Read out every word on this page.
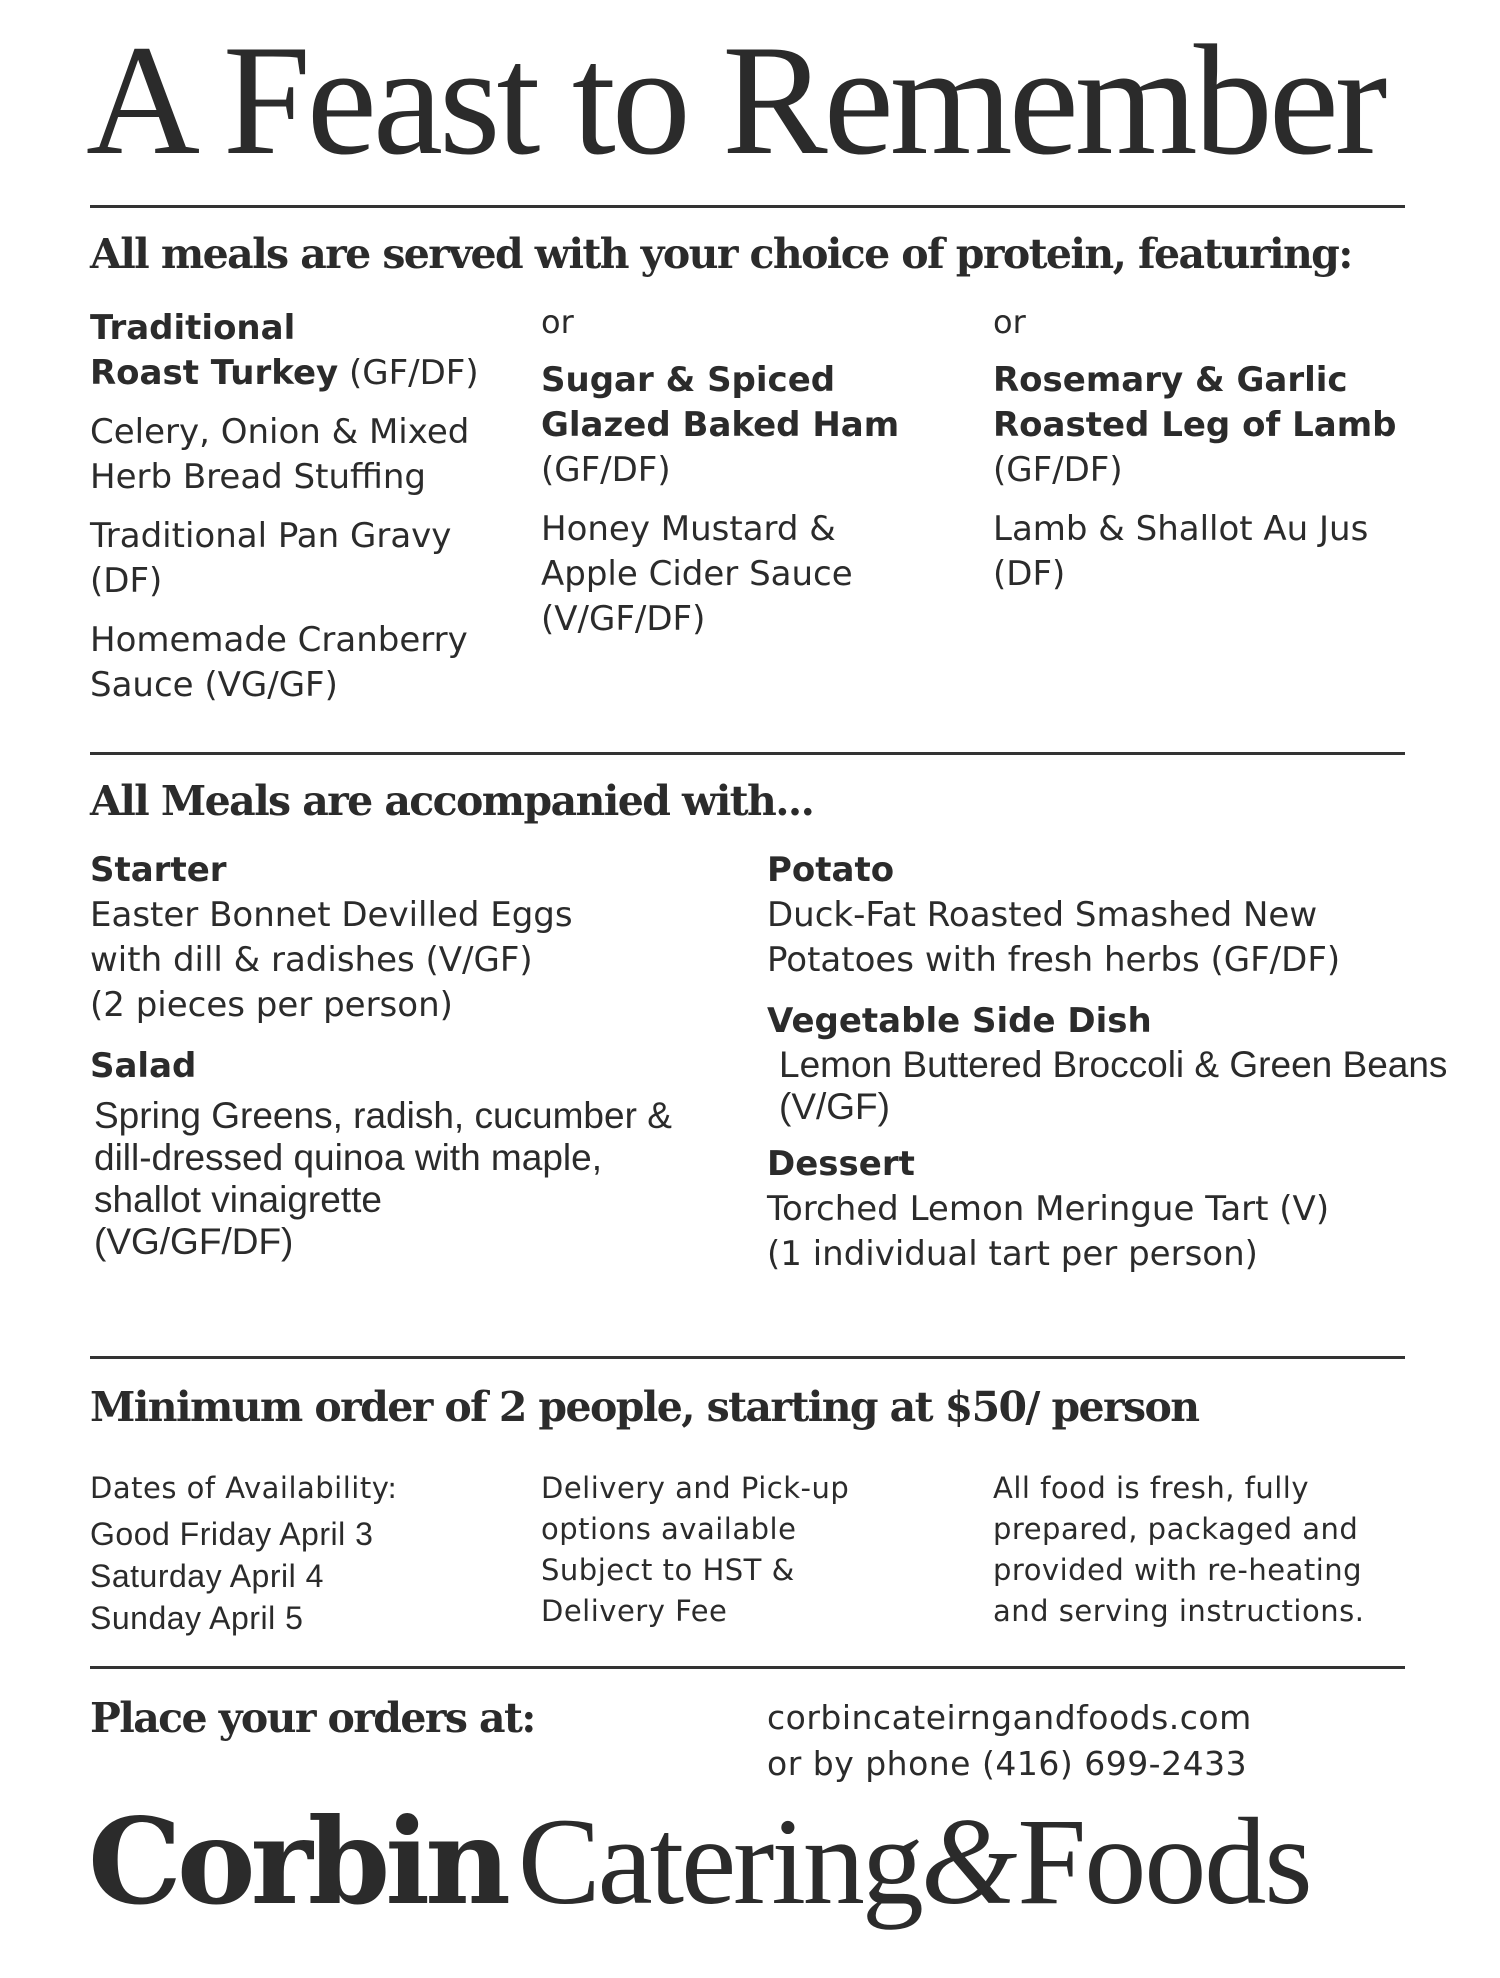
A Feast to Remember
All meals are served with your choice of protein, featuring:

Traditional
Roast Turkey (GF/DF)

Celery, Onion & Mixed Herb Bread Stuffing

Traditional Pan Gravy (DF)

Homemade Cranberry Sauce (VG/GF)

or

Sugar & Spiced Glazed Baked Ham

(GF/DF)

Honey Mustard & Apple Cider Sauce (V/GF/DF)

or

Rosemary & Garlic Roasted Leg of Lamb

(GF/DF)

Lamb & Shallot Au Jus (DF)

All Meals are accompanied with...
Starter

Easter Bonnet Devilled Eggs
with dill & radishes (V/GF)
(2 pieces per person)

Salad

Spring Greens, radish, cucumber &
dill-dressed quinoa with maple,
shallot vinaigrette
(VG/GF/DF)

Potato

Duck-Fat Roasted Smashed New
Potatoes with fresh herbs (GF/DF)

Vegetable Side Dish

Lemon Buttered Broccoli & Green Beans
(V/GF)

Dessert

Torched Lemon Meringue Tart (V)
(1 individual tart per person)

Minimum order of 2 people, starting at $50/ person

Dates of Availability:

Good Friday April 3

Saturday April 4

Sunday April 5

Delivery and Pick-up
options available
Subject to HST &
Delivery Fee

All food is fresh, fully
prepared, packaged and
provided with re-heating
and serving instructions.

Place your orders at:	corbincateirngandfoods.com
or by phone (416) 699-2433
CorbinCatering&Foods
